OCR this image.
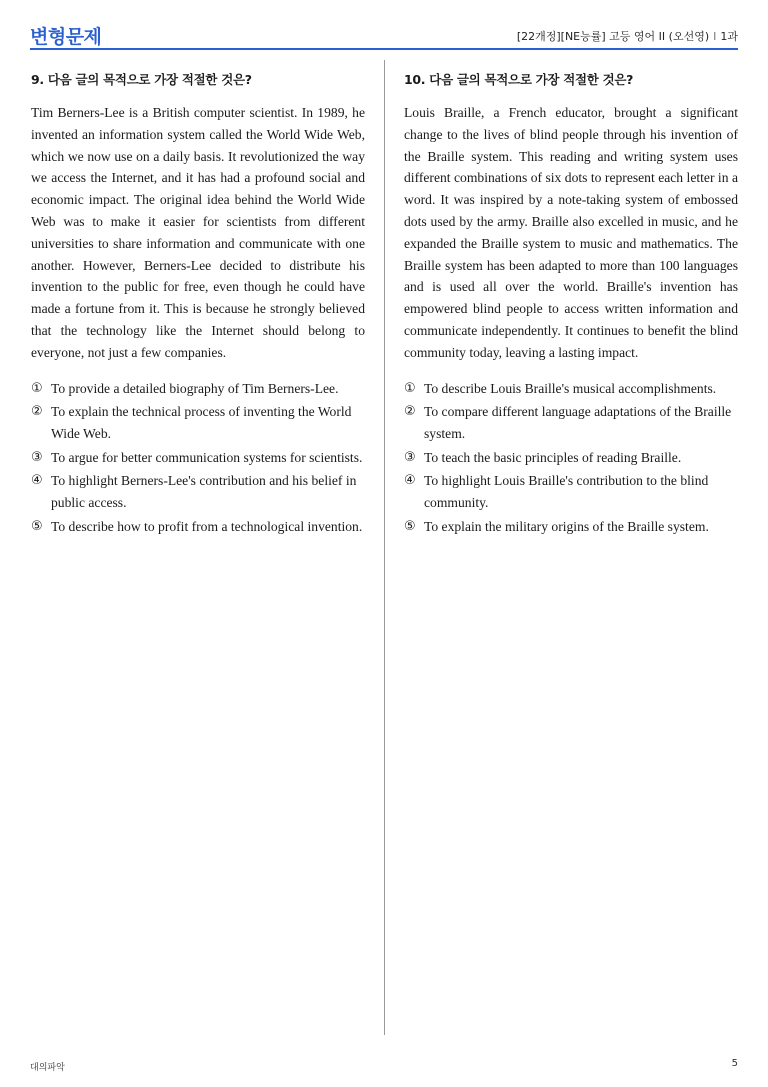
변형문제	[22개정][NE능률] 고등 영어 II (오선영) I 1과
9. 다음 글의 목적으로 가장 적절한 것은?

Tim Berners-Lee is a British computer scientist. In 1989, he invented an information system called the World Wide Web, which we now use on a daily basis. It revolutionized the way we access the Internet, and it has had a profound social and economic impact. The original idea behind the World Wide Web was to make it easier for scientists from different universities to share information and communicate with one another. However, Berners-Lee decided to distribute his invention to the public for free, even though he could have made a fortune from it. This is because he strongly believed that the technology like the Internet should belong to everyone, not just a few companies.

① To provide a detailed biography of Tim Berners-Lee.
② To explain the technical process of inventing the World Wide Web.
③ To argue for better communication systems for scientists.
④ To highlight Berners-Lee's contribution and his belief in public access.
⑤ To describe how to profit from a technological invention.
10. 다음 글의 목적으로 가장 적절한 것은?

Louis Braille, a French educator, brought a significant change to the lives of blind people through his invention of the Braille system. This reading and writing system uses different combinations of six dots to represent each letter in a word. It was inspired by a note-taking system of embossed dots used by the army. Braille also excelled in music, and he expanded the Braille system to music and mathematics. The Braille system has been adapted to more than 100 languages and is used all over the world. Braille's invention has empowered blind people to access written information and communicate independently. It continues to benefit the blind community today, leaving a lasting impact.

① To describe Louis Braille's musical accomplishments.
② To compare different language adaptations of the Braille system.
③ To teach the basic principles of reading Braille.
④ To highlight Louis Braille's contribution to the blind community.
⑤ To explain the military origins of the Braille system.
대의파악	5
